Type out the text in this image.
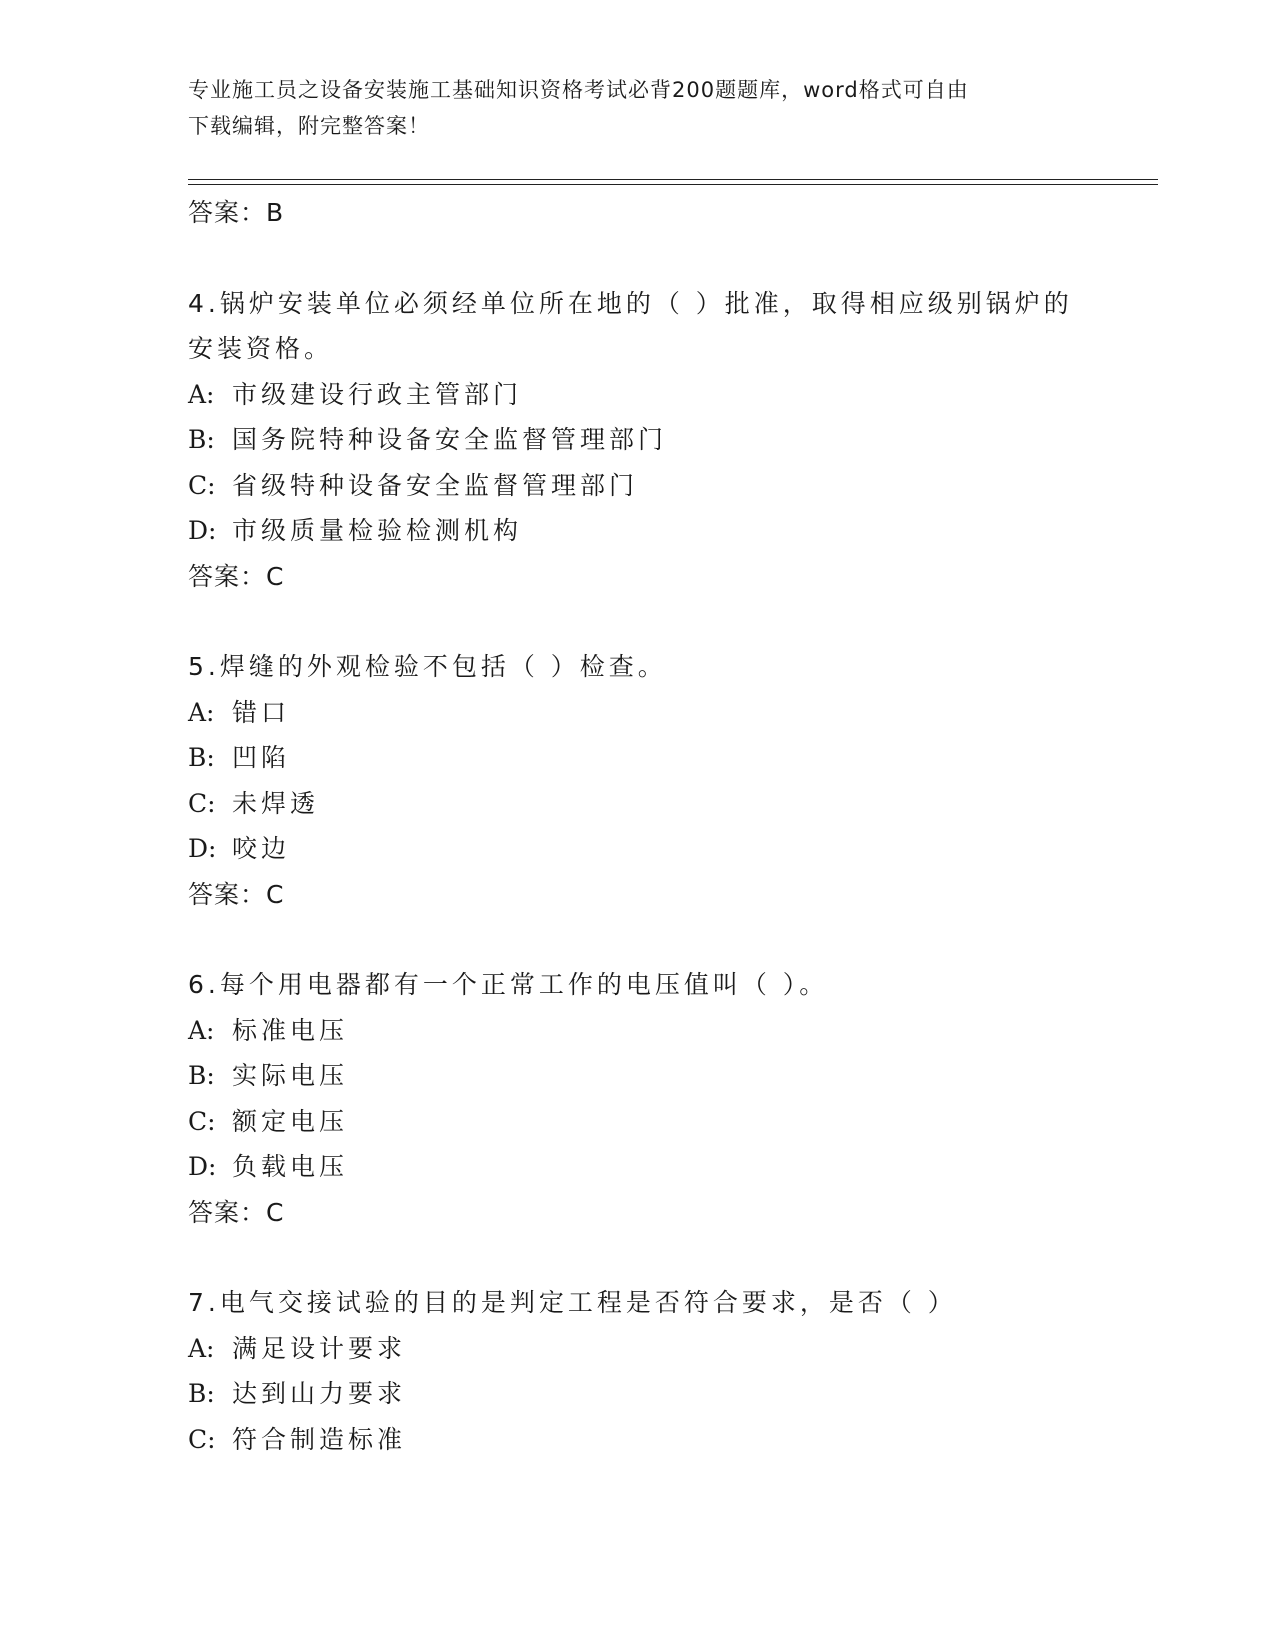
专业施工员之设备安装施工基础知识资格考试必背200题题库，word格式可自由
下载编辑，附完整答案！
答案：B
4.锅炉安装单位必须经单位所在地的（ ）批准，取得相应级别锅炉的
安装资格。
A: 市级建设行政主管部门
B: 国务院特种设备安全监督管理部门
C: 省级特种设备安全监督管理部门
D: 市级质量检验检测机构
答案：C
5.焊缝的外观检验不包括（ ）检查。
A: 错口
B: 凹陷
C: 未焊透
D: 咬边
答案：C
6.每个用电器都有一个正常工作的电压值叫（ ）。
A: 标准电压
B: 实际电压
C: 额定电压
D: 负载电压
答案：C
7.电气交接试验的目的是判定工程是否符合要求，是否（ ）
A: 满足设计要求
B: 达到山力要求
C: 符合制造标准
